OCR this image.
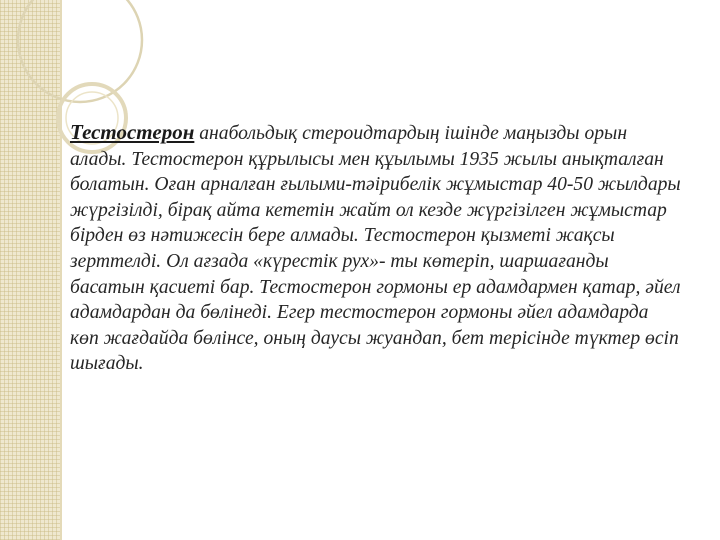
Тестостерон анабольдық стероидтардың ішінде маңызды орын алады. Тестостерон құрылысы мен құылымы 1935 жылы анықталған болатын. Оған арналған ғылыми-тәірибелік жұмыстар 40-50 жылдары жүргізілді, бірақ айта кететін жайт ол кезде жүргізілген жұмыстар бірден өз нәтижесін бере алмады. Тестостерон қызметі жақсы зерттелді. Ол ағзада «күрестік рух»- ты көтеріп, шаршағанды басатын қасиеті бар. Тестостерон гормоны ер адамдармен қатар, әйел адамдардан да бөлінеді. Егер тестостерон гормоны әйел адамдарда көп жағдайда бөлінсе, оның даусы жуандап, бет терісінде түктер өсіп шығады.
